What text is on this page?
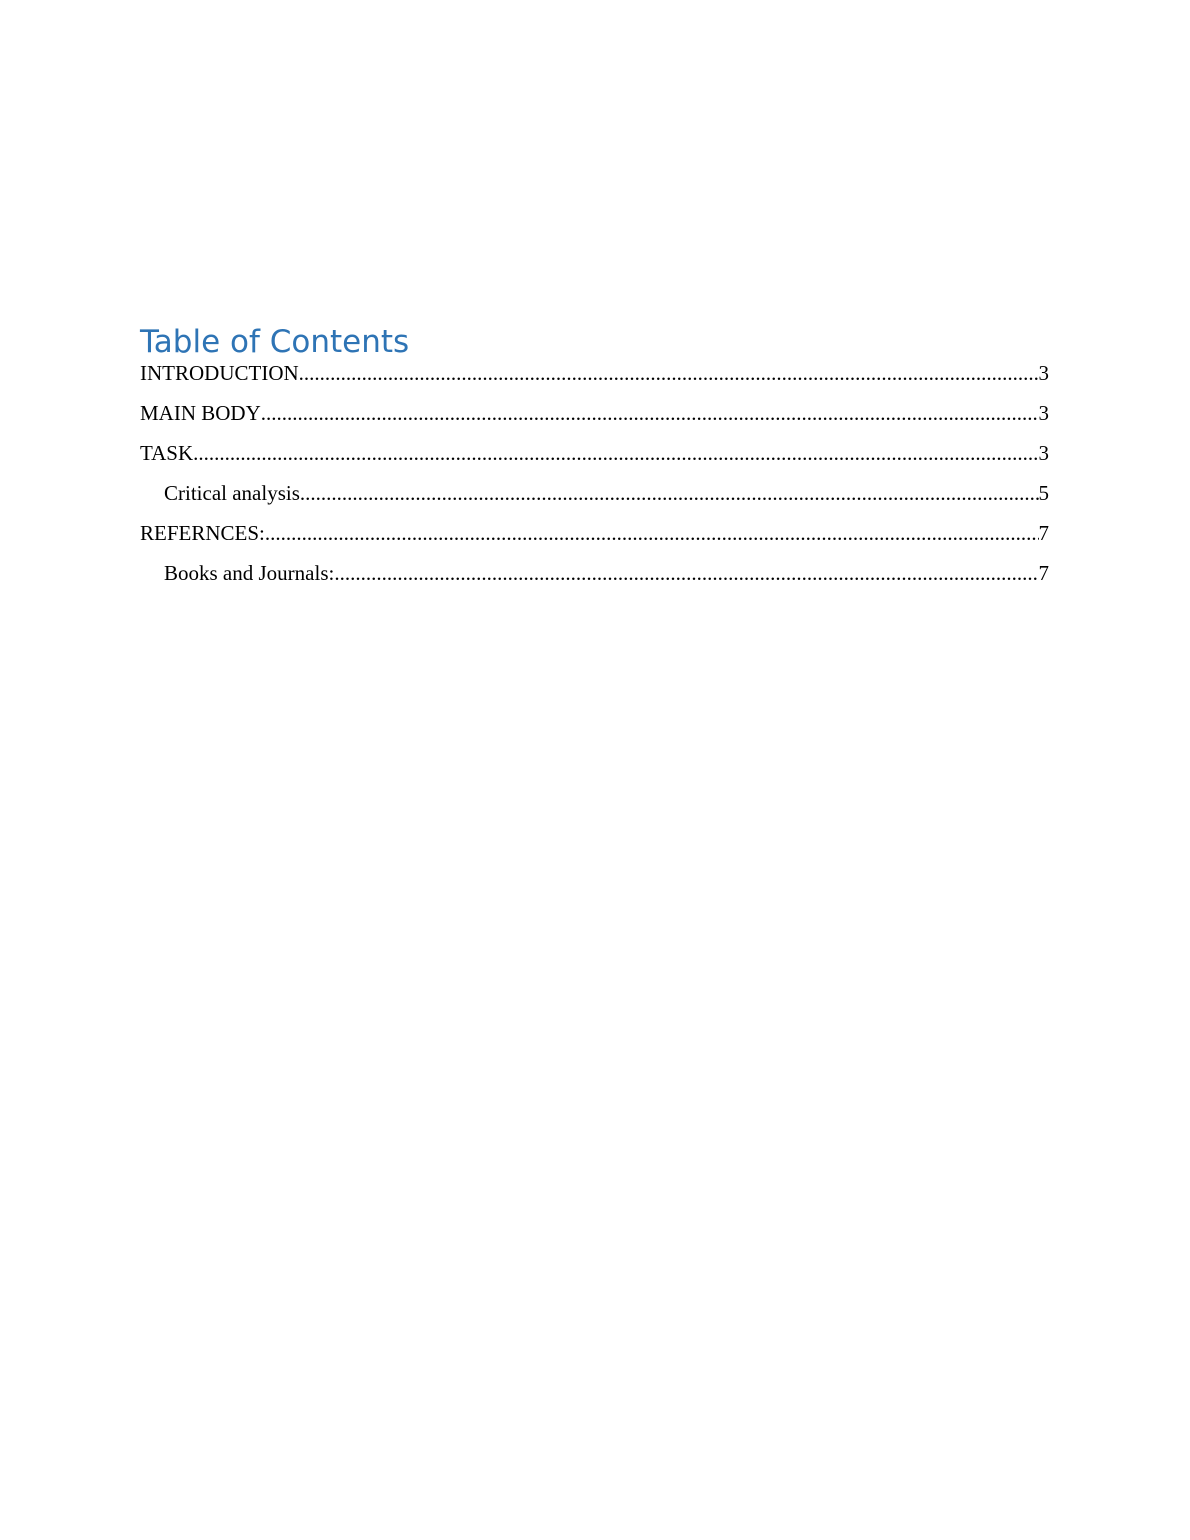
Table of Contents
INTRODUCTION .....	3
MAIN BODY .....	3
TASK .....	3
Critical analysis .....	5
REFERNCES: .....	7
Books and Journals: .....	7
